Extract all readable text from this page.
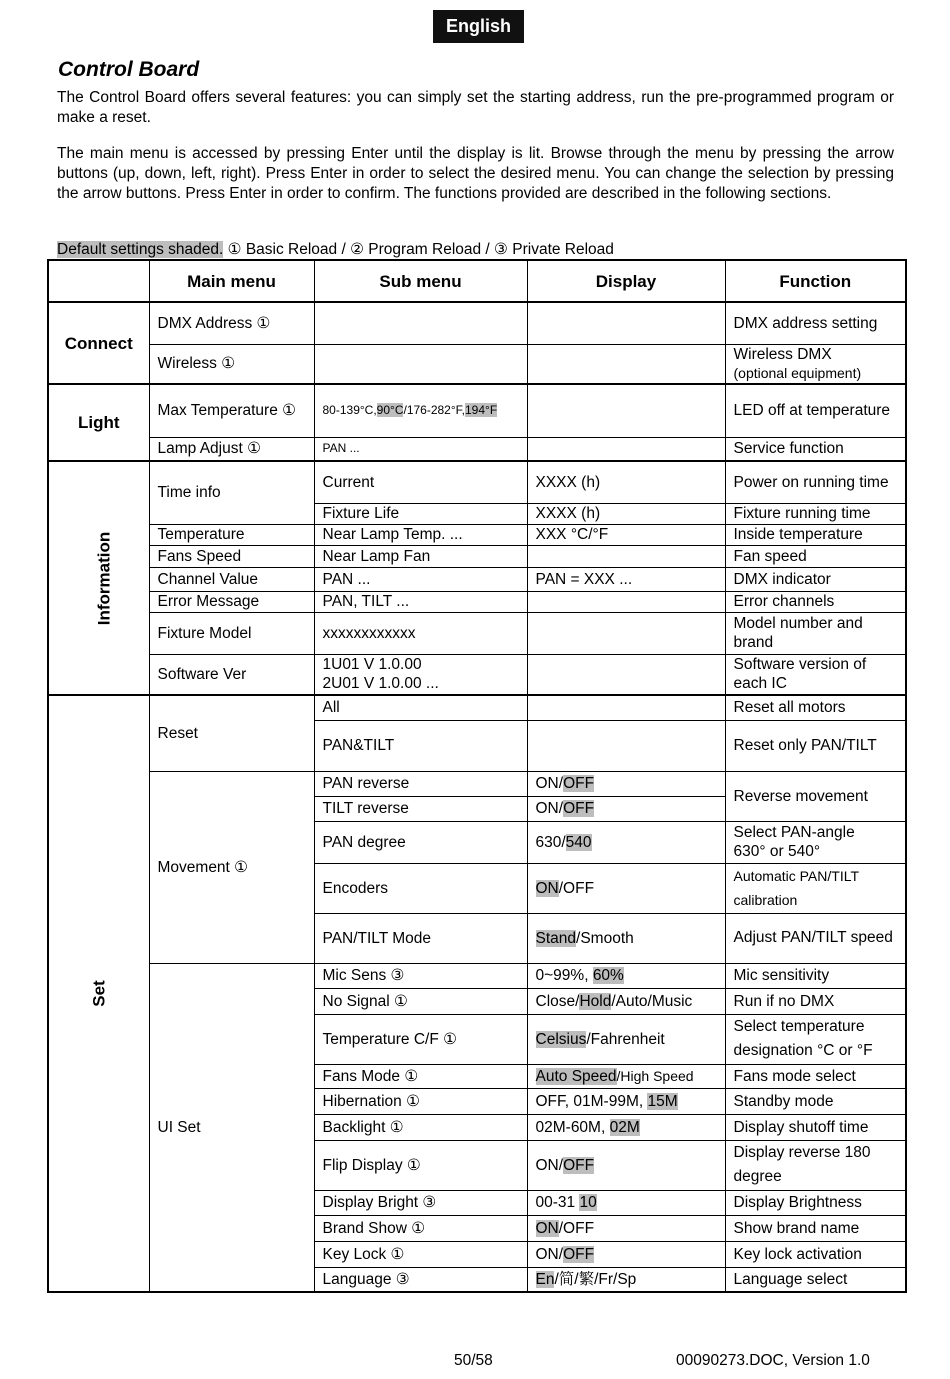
English
Control Board
The Control Board offers several features: you can simply set the starting address, run the pre-programmed program or make a reset.
The main menu is accessed by pressing Enter until the display is lit. Browse through the menu by pressing the arrow buttons (up, down, left, right). Press Enter in order to select the desired menu. You can change the selection by pressing the arrow buttons. Press Enter in order to confirm. The functions provided are described in the following sections.
Default settings shaded. ① Basic Reload / ② Program Reload / ③ Private Reload
	Main menu	Sub menu	Display	Function
Connect	DMX Address ①			DMX address setting
	Wireless ①			Wireless DMX
(optional equipment)

Light	Max Temperature ①	80-139°C,90°C/176-282°F,194°F		LED off at temperature
	Lamp Adjust ①	PAN ...		Service function
Information	Time info	Current	XXXX (h)	Power on running time
		Fixture Life	XXXX (h)	Fixture running time
	Temperature	Near Lamp Temp. ...	XXX °C/°F	Inside temperature
	Fans Speed	Near Lamp Fan		Fan speed
	Channel Value	PAN ...	PAN = XXX ...	DMX indicator
	Error Message	PAN, TILT ...		Error channels
	Fixture Model	xxxxxxxxxxxx		Model number and brand
	Software Ver	1U01 V 1.0.00
2U01 V 1.0.00 ...		Software version of each IC
Set	Reset	All		Reset all motors
		PAN&TILT		Reset only PAN/TILT
	Movement ①	PAN reverse	ON/OFF	Reverse movement
		TILT reverse	ON/OFF	
		PAN degree	630/540	Select PAN-angle
630° or 540°

		Encoders	ON/OFF	Automatic PAN/TILT calibration
		PAN/TILT Mode	Stand/Smooth	Adjust PAN/TILT speed
	UI Set	Mic Sens ③	0~99%, 60%	Mic sensitivity
		No Signal ①	Close/Hold/Auto/Music	Run if no DMX
		Temperature C/F ①	Celsius/Fahrenheit	Select temperature designation °C or °F
		Fans Mode ①	Auto Speed/High Speed	Fans mode select
		Hibernation ①	OFF, 01M-99M, 15M	Standby mode
		Backlight ①	02M-60M, 02M	Display shutoff time
		Flip Display ①	ON/OFF	Display reverse 180 degree
		Display Bright ③	00-31 10	Display Brightness
		Brand Show ①	ON/OFF	Show brand name
		Key Lock ①	ON/OFF	Key lock activation
		Language ③	En/简/繁/Fr/Sp	Language select
50/58	00090273.DOC, Version 1.0
